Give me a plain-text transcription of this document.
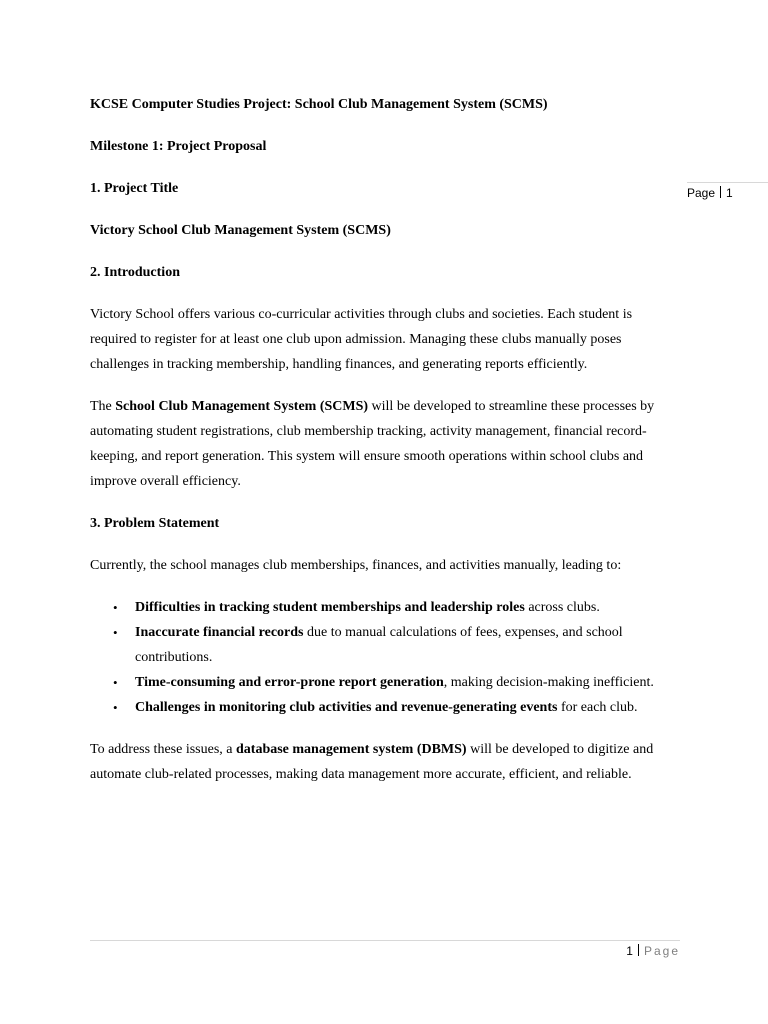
Page 1

KCSE Computer Studies Project: School Club Management System (SCMS)

Milestone 1: Project Proposal

1. Project Title

Victory School Club Management System (SCMS)

2. Introduction

Victory School offers various co-curricular activities through clubs and societies. Each student is required to register for at least one club upon admission. Managing these clubs manually poses challenges in tracking membership, handling finances, and generating reports efficiently.

The School Club Management System (SCMS) will be developed to streamline these processes by automating student registrations, club membership tracking, activity management, financial record-keeping, and report generation. This system will ensure smooth operations within school clubs and improve overall efficiency.

3. Problem Statement

Currently, the school manages club memberships, finances, and activities manually, leading to:

• Difficulties in tracking student memberships and leadership roles across clubs.
• Inaccurate financial records due to manual calculations of fees, expenses, and school contributions.
• Time-consuming and error-prone report generation, making decision-making inefficient.
• Challenges in monitoring club activities and revenue-generating events for each club.

To address these issues, a database management system (DBMS) will be developed to digitize and automate club-related processes, making data management more accurate, efficient, and reliable.

1 Page
